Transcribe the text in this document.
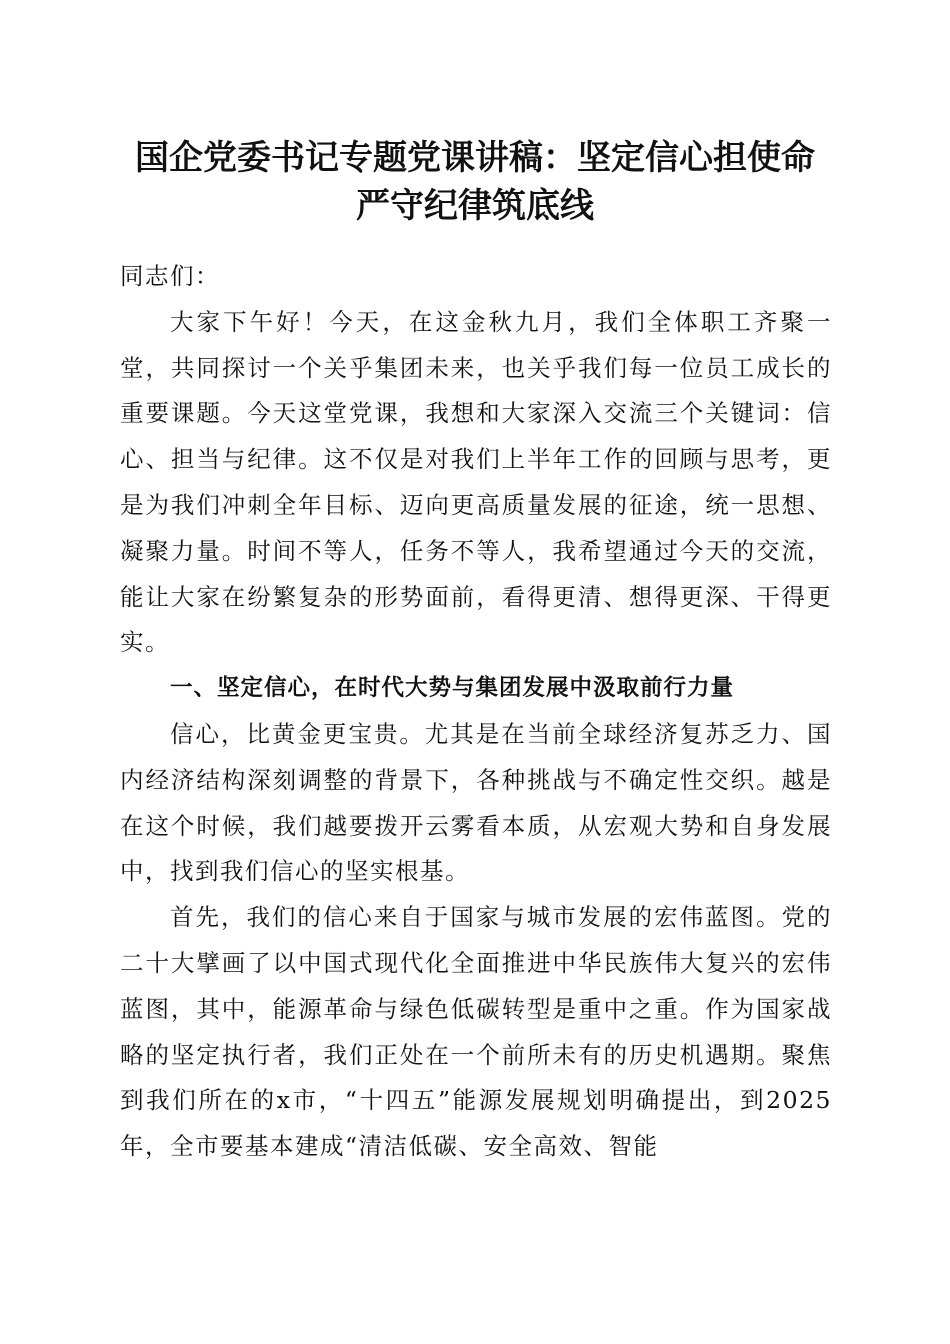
国企党委书记专题党课讲稿：坚定信心担使命
严守纪律筑底线

同志们：

大家下午好！今天，在这金秋九月，我们全体职工齐聚一堂，共同探讨一个关乎集团未来，也关乎我们每一位员工成长的重要课题。今天这堂党课，我想和大家深入交流三个关键词：信心、担当与纪律。这不仅是对我们上半年工作的回顾与思考，更是为我们冲刺全年目标、迈向更高质量发展的征途，统一思想、凝聚力量。时间不等人，任务不等人，我希望通过今天的交流，能让大家在纷繁复杂的形势面前，看得更清、想得更深、干得更实。

一、坚定信心，在时代大势与集团发展中汲取前行力量

信心，比黄金更宝贵。尤其是在当前全球经济复苏乏力、国内经济结构深刻调整的背景下，各种挑战与不确定性交织。越是在这个时候，我们越要拨开云雾看本质，从宏观大势和自身发展中，找到我们信心的坚实根基。

首先，我们的信心来自于国家与城市发展的宏伟蓝图。党的二十大擘画了以中国式现代化全面推进中华民族伟大复兴的宏伟蓝图，其中，能源革命与绿色低碳转型是重中之重。作为国家战略的坚定执行者，我们正处在一个前所未有的历史机遇期。聚焦到我们所在的x市，“十四五”能源发展规划明确提出，到2025年，全市要基本建成“清洁低碳、安全高效、智能
